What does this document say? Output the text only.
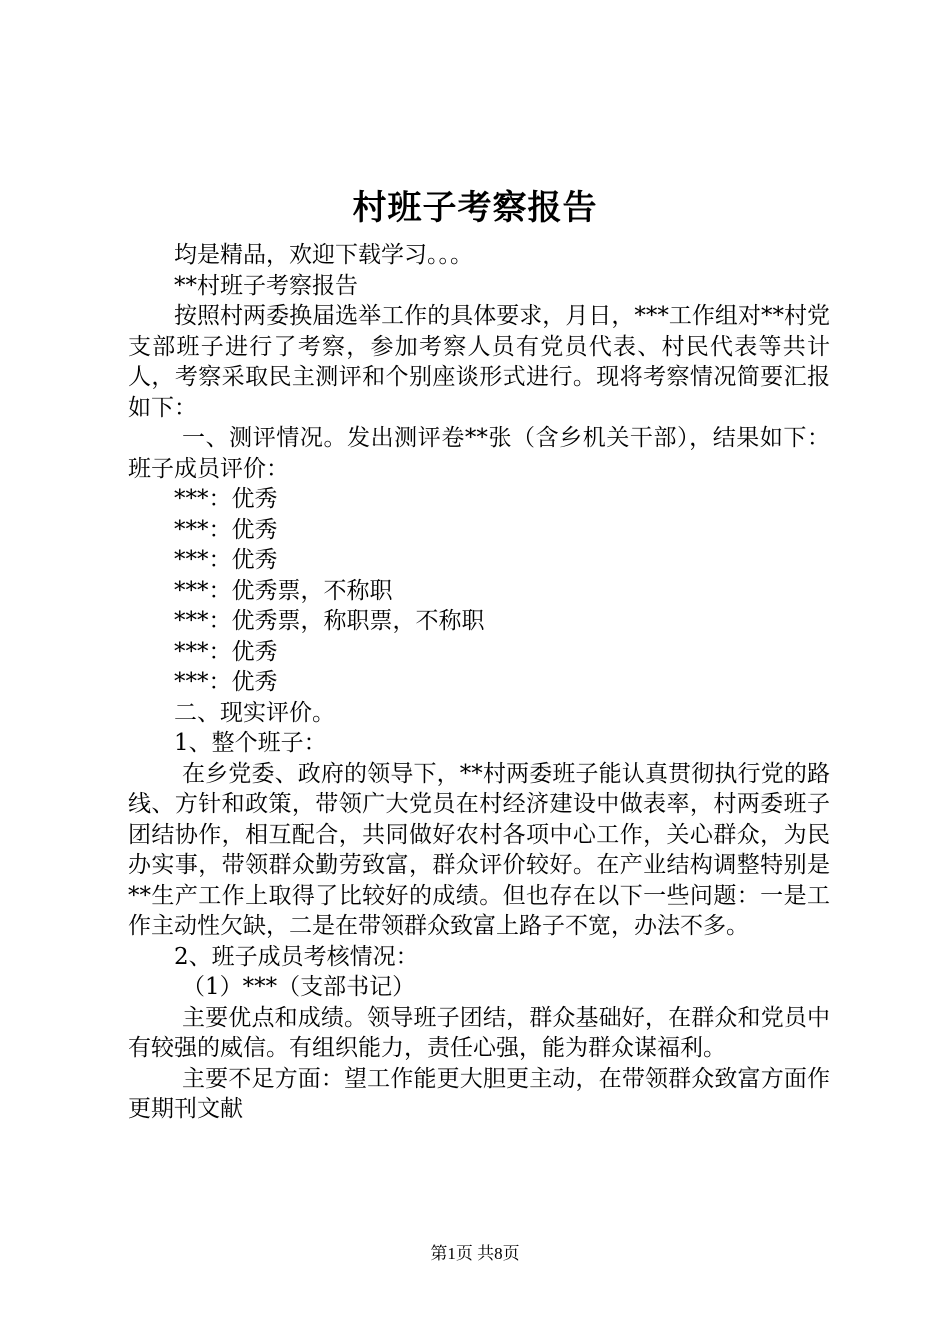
村班子考察报告

均是精品，欢迎下载学习。。。

**村班子考察报告

按照村两委换届选举工作的具体要求，月日，***工作组对**村党支部班子进行了考察，参加考察人员有党员代表、村民代表等共计人，考察采取民主测评和个别座谈形式进行。现将考察情况简要汇报如下：

一、测评情况。发出测评卷**张（含乡机关干部），结果如下：班子成员评价：

***：优秀

***：优秀

***：优秀

***：优秀票，不称职

***：优秀票，称职票，不称职

***：优秀

***：优秀

二、现实评价。

1、整个班子：

在乡党委、政府的领导下，**村两委班子能认真贯彻执行党的路线、方针和政策，带领广大党员在村经济建设中做表率，村两委班子团结协作，相互配合，共同做好农村各项中心工作，关心群众，为民办实事，带领群众勤劳致富，群众评价较好。在产业结构调整特别是**生产工作上取得了比较好的成绩。但也存在以下一些问题：一是工作主动性欠缺，二是在带领群众致富上路子不宽，办法不多。

2、班子成员考核情况：

（1）***（支部书记）

主要优点和成绩。领导班子团结，群众基础好，在群众和党员中有较强的威信。有组织能力，责任心强，能为群众谋福利。

主要不足方面：望工作能更大胆更主动，在带领群众致富方面作更期刊文献

第1页 共8页
